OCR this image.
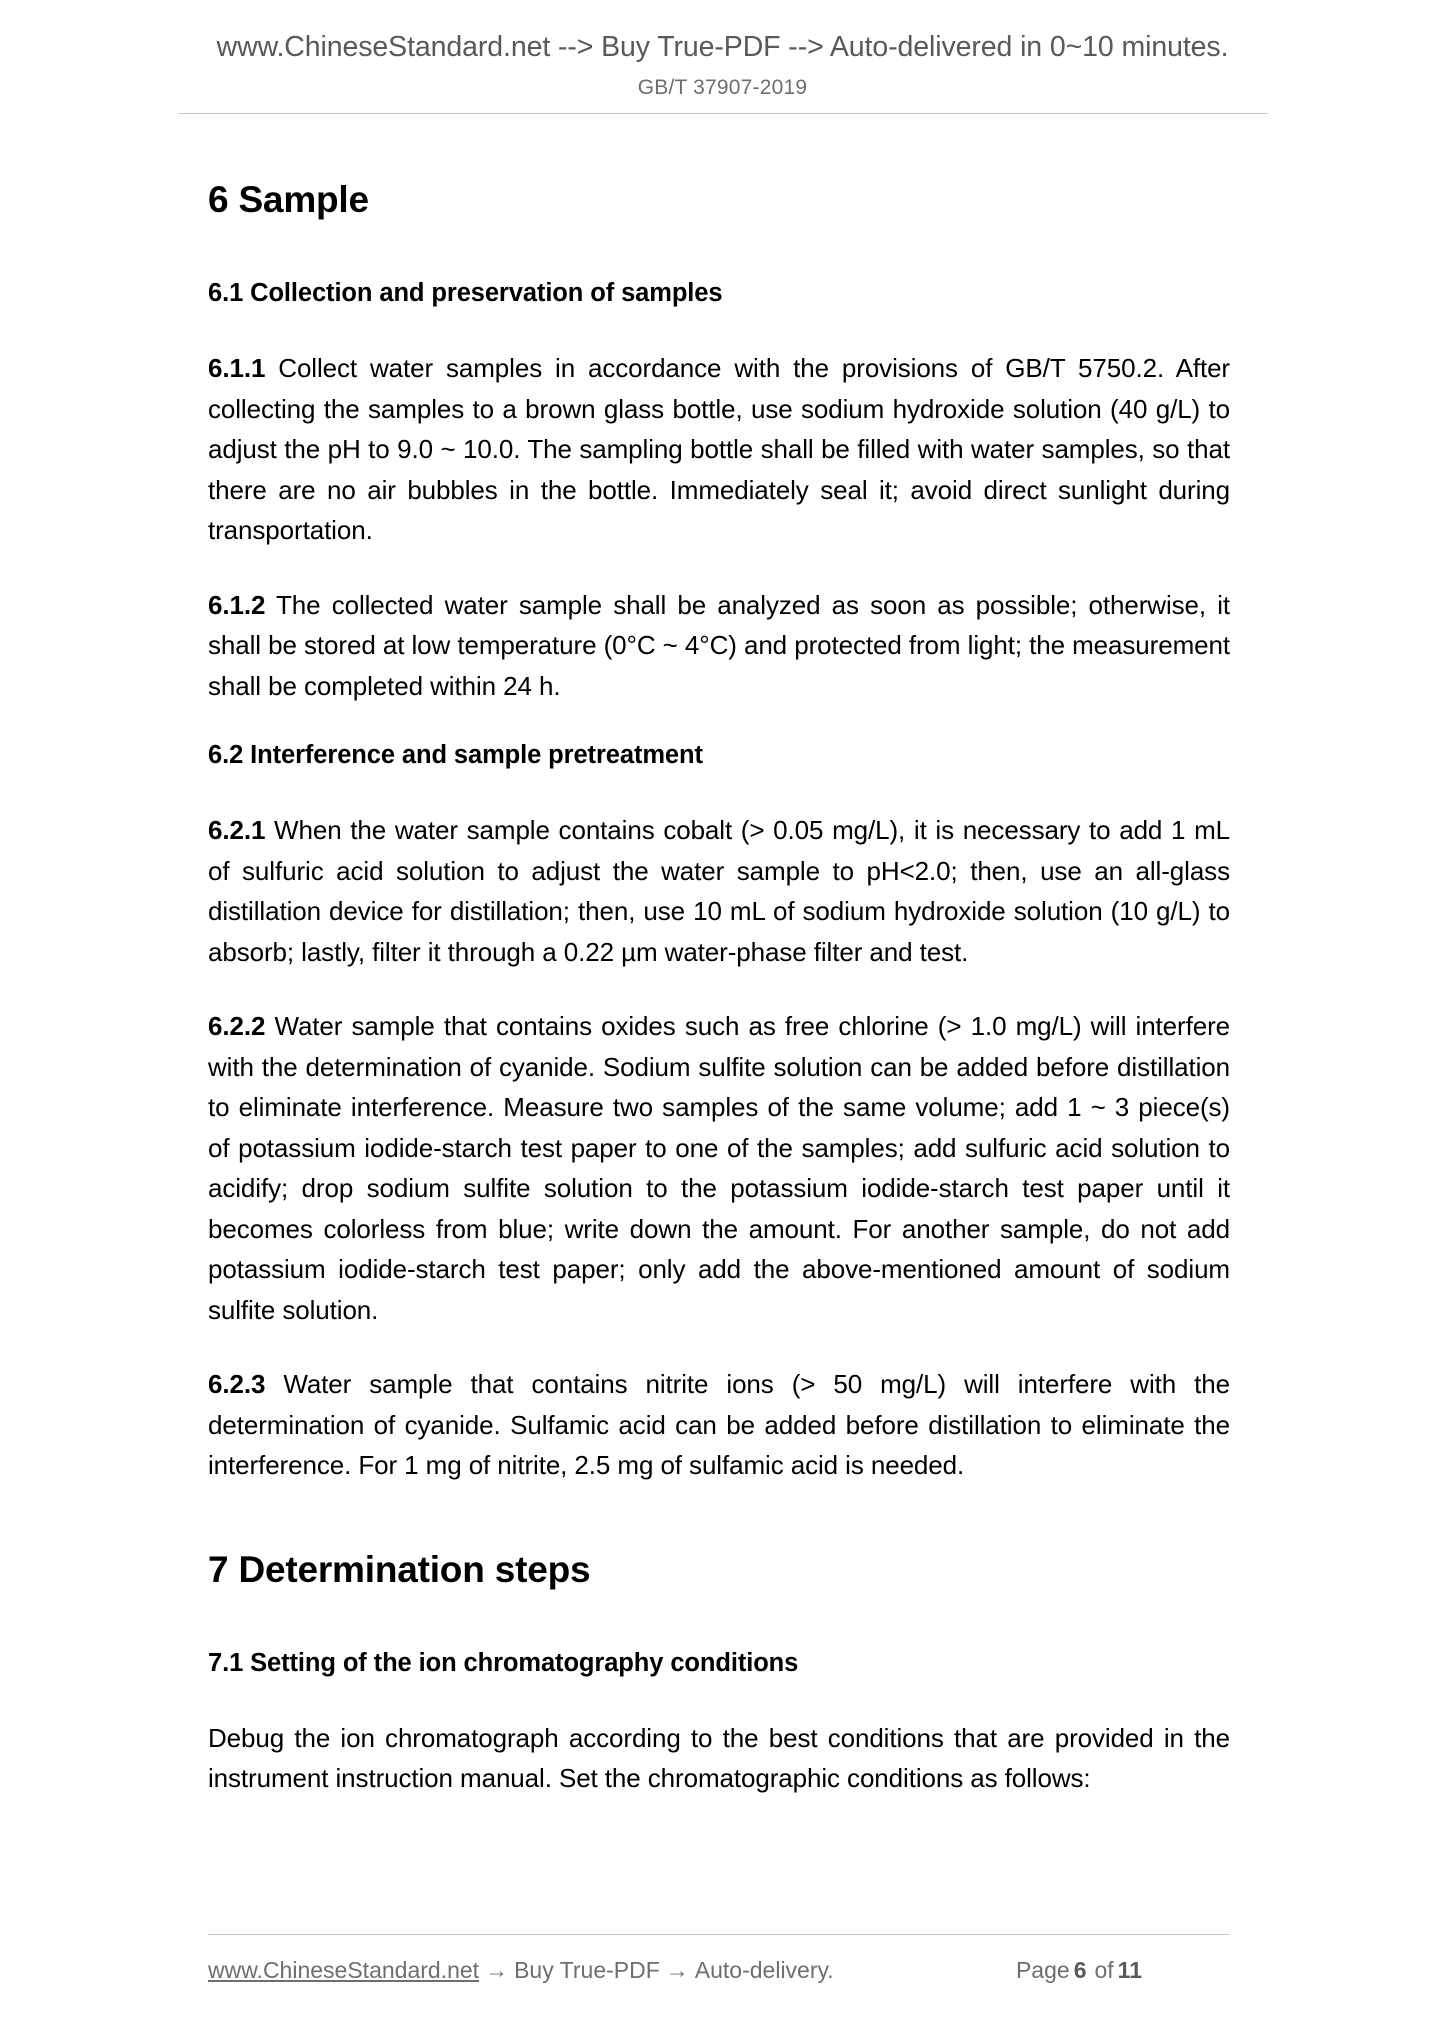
www.ChineseStandard.net --> Buy True-PDF --> Auto-delivered in 0~10 minutes.
GB/T 37907-2019
6 Sample
6.1 Collection and preservation of samples

6.1.1 Collect water samples in accordance with the provisions of GB/T 5750.2. After collecting the samples to a brown glass bottle, use sodium hydroxide solution (40 g/L) to adjust the pH to 9.0 ~ 10.0. The sampling bottle shall be filled with water samples, so that there are no air bubbles in the bottle. Immediately seal it; avoid direct sunlight during transportation.

6.1.2 The collected water sample shall be analyzed as soon as possible; otherwise, it shall be stored at low temperature (0°C ~ 4°C) and protected from light; the measurement shall be completed within 24 h.

6.2 Interference and sample pretreatment

6.2.1 When the water sample contains cobalt (> 0.05 mg/L), it is necessary to add 1 mL of sulfuric acid solution to adjust the water sample to pH<2.0; then, use an all-glass distillation device for distillation; then, use 10 mL of sodium hydroxide solution (10 g/L) to absorb; lastly, filter it through a 0.22 µm water-phase filter and test.

6.2.2 Water sample that contains oxides such as free chlorine (> 1.0 mg/L) will interfere with the determination of cyanide. Sodium sulfite solution can be added before distillation to eliminate interference. Measure two samples of the same volume; add 1 ~ 3 piece(s) of potassium iodide-starch test paper to one of the samples; add sulfuric acid solution to acidify; drop sodium sulfite solution to the potassium iodide-starch test paper until it becomes colorless from blue; write down the amount. For another sample, do not add potassium iodide-starch test paper; only add the above-mentioned amount of sodium sulfite solution.

6.2.3 Water sample that contains nitrite ions (> 50 mg/L) will interfere with the determination of cyanide. Sulfamic acid can be added before distillation to eliminate the interference. For 1 mg of nitrite, 2.5 mg of sulfamic acid is needed.

7 Determination steps
7.1 Setting of the ion chromatography conditions

Debug the ion chromatograph according to the best conditions that are provided in the instrument instruction manual. Set the chromatographic conditions as follows:

www.ChineseStandard.net → Buy True-PDF → Auto-delivery.	Page 6 of 11
